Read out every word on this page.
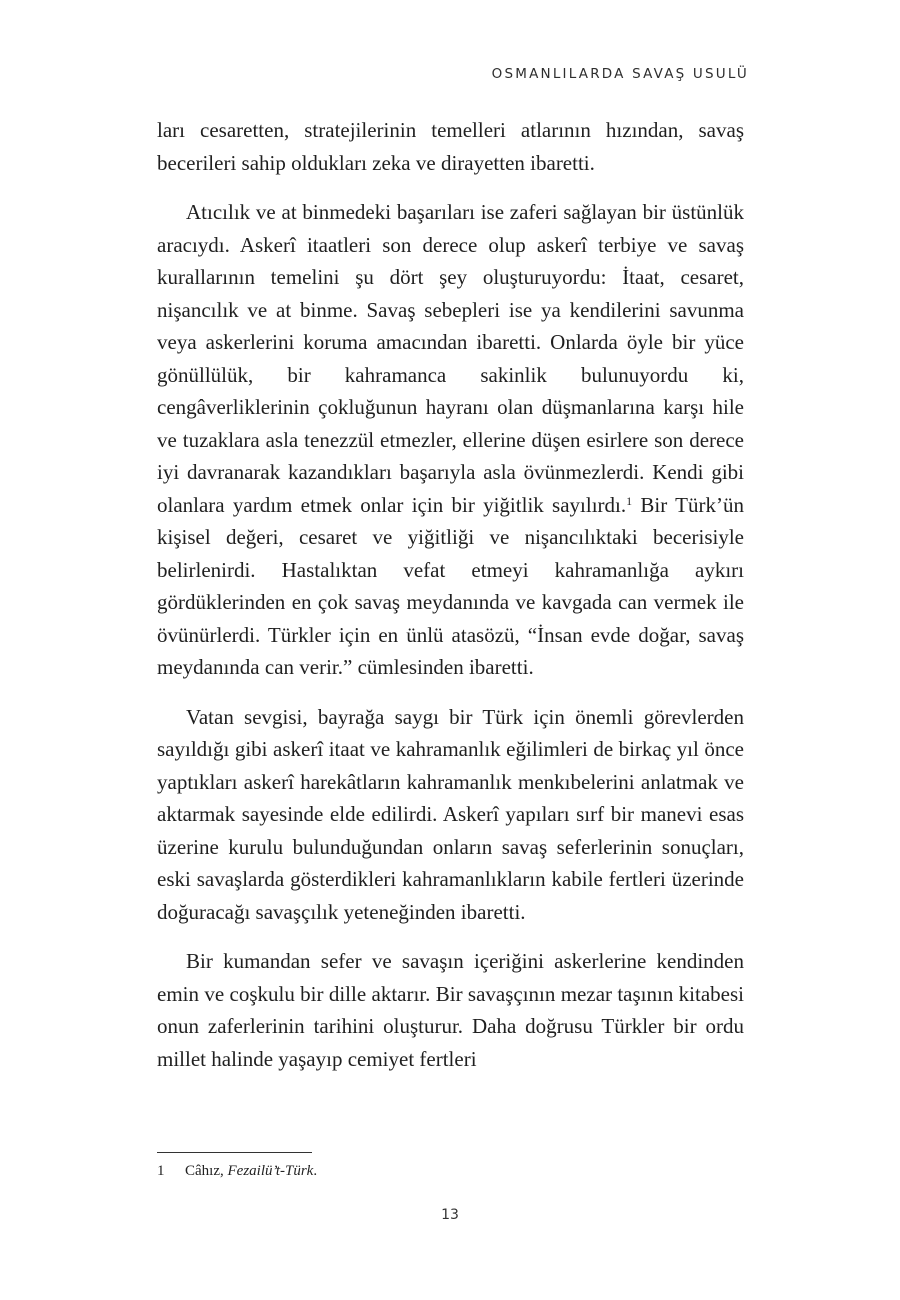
OSMANLILARDA SAVAŞ USULÜ

ları cesaretten, stratejilerinin temelleri atlarının hızından, savaş becerileri sahip oldukları zeka ve dirayetten ibaretti.

Atıcılık ve at binmedeki başarıları ise zaferi sağlayan bir üstünlük aracıydı. Askerî itaatleri son derece olup askerî terbiye ve savaş kurallarının temelini şu dört şey oluşturuyordu: İtaat, cesaret, nişancılık ve at binme. Savaş sebepleri ise ya kendilerini savunma veya askerlerini koruma amacından ibaretti. Onlarda öyle bir yüce gönüllülük, bir kahramanca sakinlik bulunuyordu ki, cengâverliklerinin çokluğunun hayranı olan düşmanlarına karşı hile ve tuzaklara asla tenezzül etmezler, ellerine düşen esirlere son derece iyi davranarak kazandıkları başarıyla asla övünmezlerdi. Kendi gibi olanlara yardım etmek onlar için bir yiğitlik sayılırdı.$^1$ Bir Türk’ün kişisel değeri, cesaret ve yiğitliği ve nişancılıktaki becerisiyle belirlenirdi. Hastalıktan vefat etmeyi kahramanlığa aykırı gördüklerinden en çok savaş meydanında ve kavgada can vermek ile övünürlerdi. Türkler için en ünlü atasözü, “İnsan evde doğar, savaş meydanında can verir.” cümlesinden ibaretti.

Vatan sevgisi, bayrağa saygı bir Türk için önemli görevlerden sayıldığı gibi askerî itaat ve kahramanlık eğilimleri de birkaç yıl önce yaptıkları askerî harekâtların kahramanlık menkıbelerini anlatmak ve aktarmak sayesinde elde edilirdi. Askerî yapıları sırf bir manevi esas üzerine kurulu bulunduğundan onların savaş seferlerinin sonuçları, eski savaşlarda gösterdikleri kahramanlıkların kabile fertleri üzerinde doğuracağı savaşçılık yeteneğinden ibaretti.

Bir kumandan sefer ve savaşın içeriğini askerlerine kendinden emin ve coşkulu bir dille aktarır. Bir savaşçının mezar taşının kitabesi onun zaferlerinin tarihini oluşturur. Daha doğrusu Türkler bir ordu millet halinde yaşayıp cemiyet fertleri

1 Câhız, Fezailü’t-Türk.
13
